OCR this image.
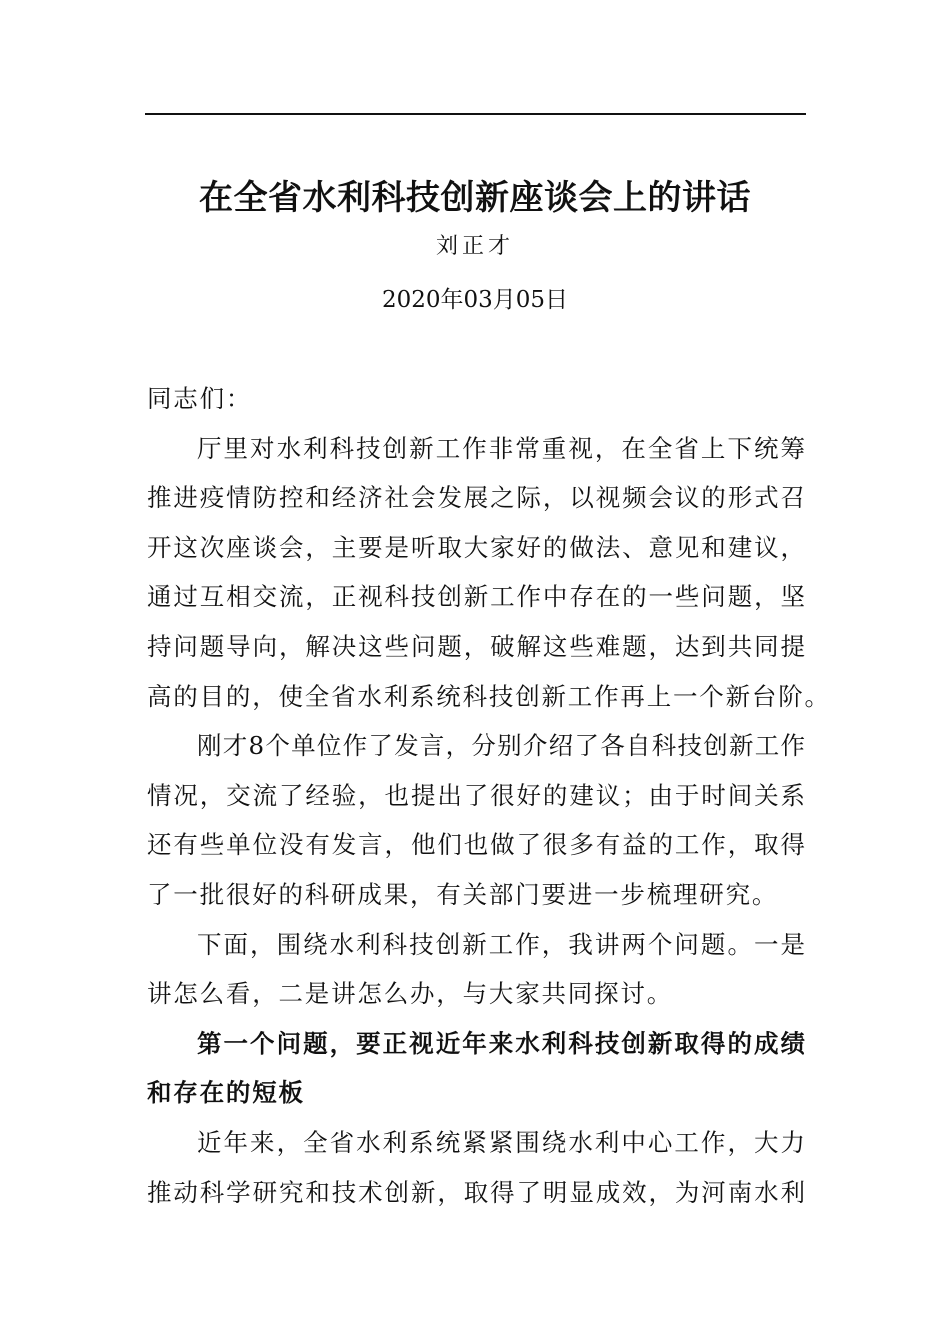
在全省水利科技创新座谈会上的讲话
刘正才
2020年03月05日
同志们：
厅里对水利科技创新工作非常重视，在全省上下统筹
推进疫情防控和经济社会发展之际，以视频会议的形式召
开这次座谈会，主要是听取大家好的做法、意见和建议，
通过互相交流，正视科技创新工作中存在的一些问题，坚
持问题导向，解决这些问题，破解这些难题，达到共同提
高的目的，使全省水利系统科技创新工作再上一个新台阶。
刚才8个单位作了发言，分别介绍了各自科技创新工作
情况，交流了经验，也提出了很好的建议；由于时间关系
还有些单位没有发言，他们也做了很多有益的工作，取得
了一批很好的科研成果，有关部门要进一步梳理研究。
下面，围绕水利科技创新工作，我讲两个问题。一是
讲怎么看，二是讲怎么办，与大家共同探讨。
第一个问题，要正视近年来水利科技创新取得的成绩
和存在的短板
近年来，全省水利系统紧紧围绕水利中心工作，大力
推动科学研究和技术创新，取得了明显成效，为河南水利
